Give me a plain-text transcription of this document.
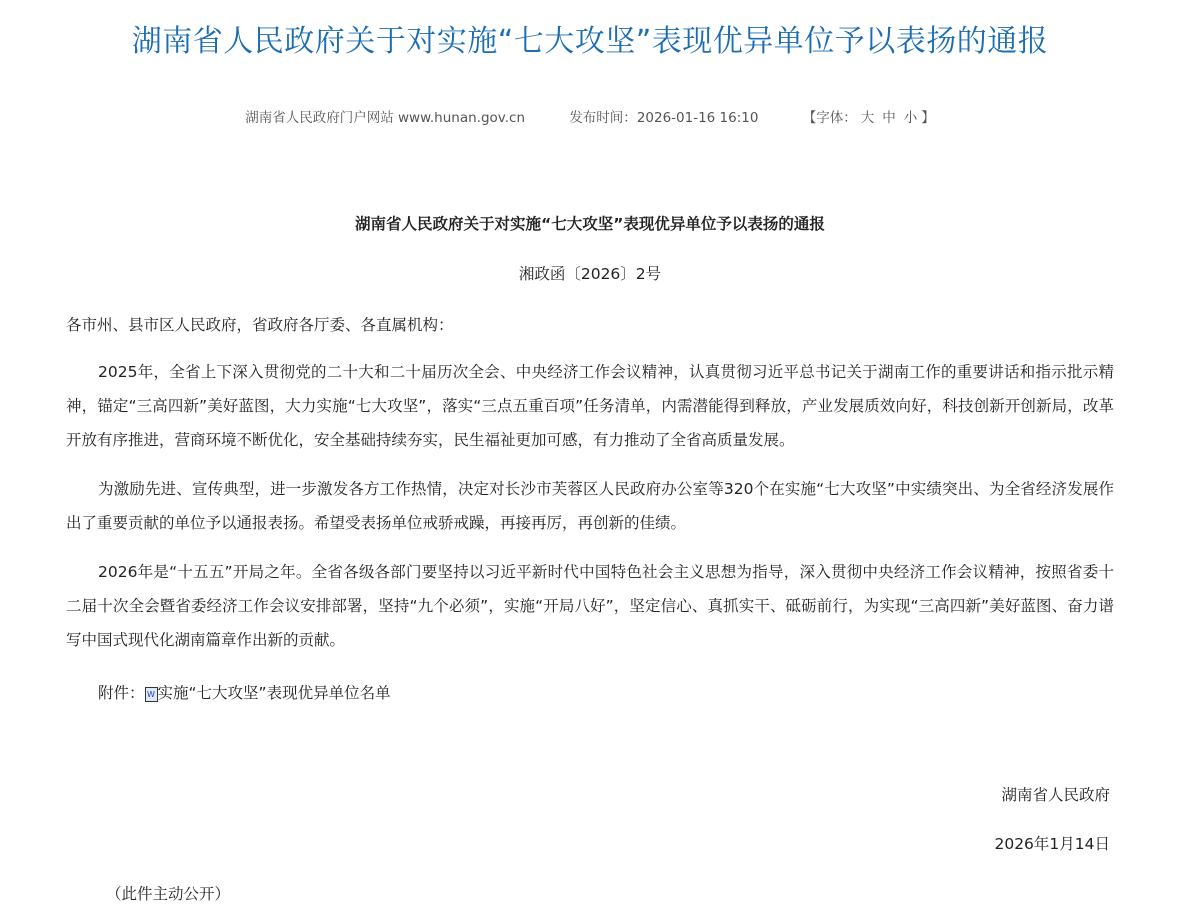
湖南省人民政府关于对实施“七大攻坚”表现优异单位予以表扬的通报
湖南省人民政府门户网站 www.hunan.gov.cn	发布时间：2026-01-16 16:10	【字体： 大 中 小 】
湖南省人民政府关于对实施“七大攻坚”表现优异单位予以表扬的通报
湘政函〔2026〕2号
各市州、县市区人民政府，省政府各厅委、各直属机构：
2025年，全省上下深入贯彻党的二十大和二十届历次全会、中央经济工作会议精神，认真贯彻习近平总书记关于湖南工作的重要讲话和指示批示精神，锚定“三高四新”美好蓝图，大力实施“七大攻坚”，落实“三点五重百项”任务清单，内需潜能得到释放，产业发展质效向好，科技创新开创新局，改革开放有序推进，营商环境不断优化，安全基础持续夯实，民生福祉更加可感，有力推动了全省高质量发展。
为激励先进、宣传典型，进一步激发各方工作热情，决定对长沙市芙蓉区人民政府办公室等320个在实施“七大攻坚”中实绩突出、为全省经济发展作出了重要贡献的单位予以通报表扬。希望受表扬单位戒骄戒躁，再接再厉，再创新的佳绩。
2026年是“十五五”开局之年。全省各级各部门要坚持以习近平新时代中国特色社会主义思想为指导，深入贯彻中央经济工作会议精神，按照省委十二届十次全会暨省委经济工作会议安排部署，坚持“九个必须”，实施“开局八好”，坚定信心、真抓实干、砥砺前行，为实现“三高四新”美好蓝图、奋力谱写中国式现代化湖南篇章作出新的贡献。
附件： W 实施“七大攻坚”表现优异单位名单
湖南省人民政府
2026年1月14日
（此件主动公开）
